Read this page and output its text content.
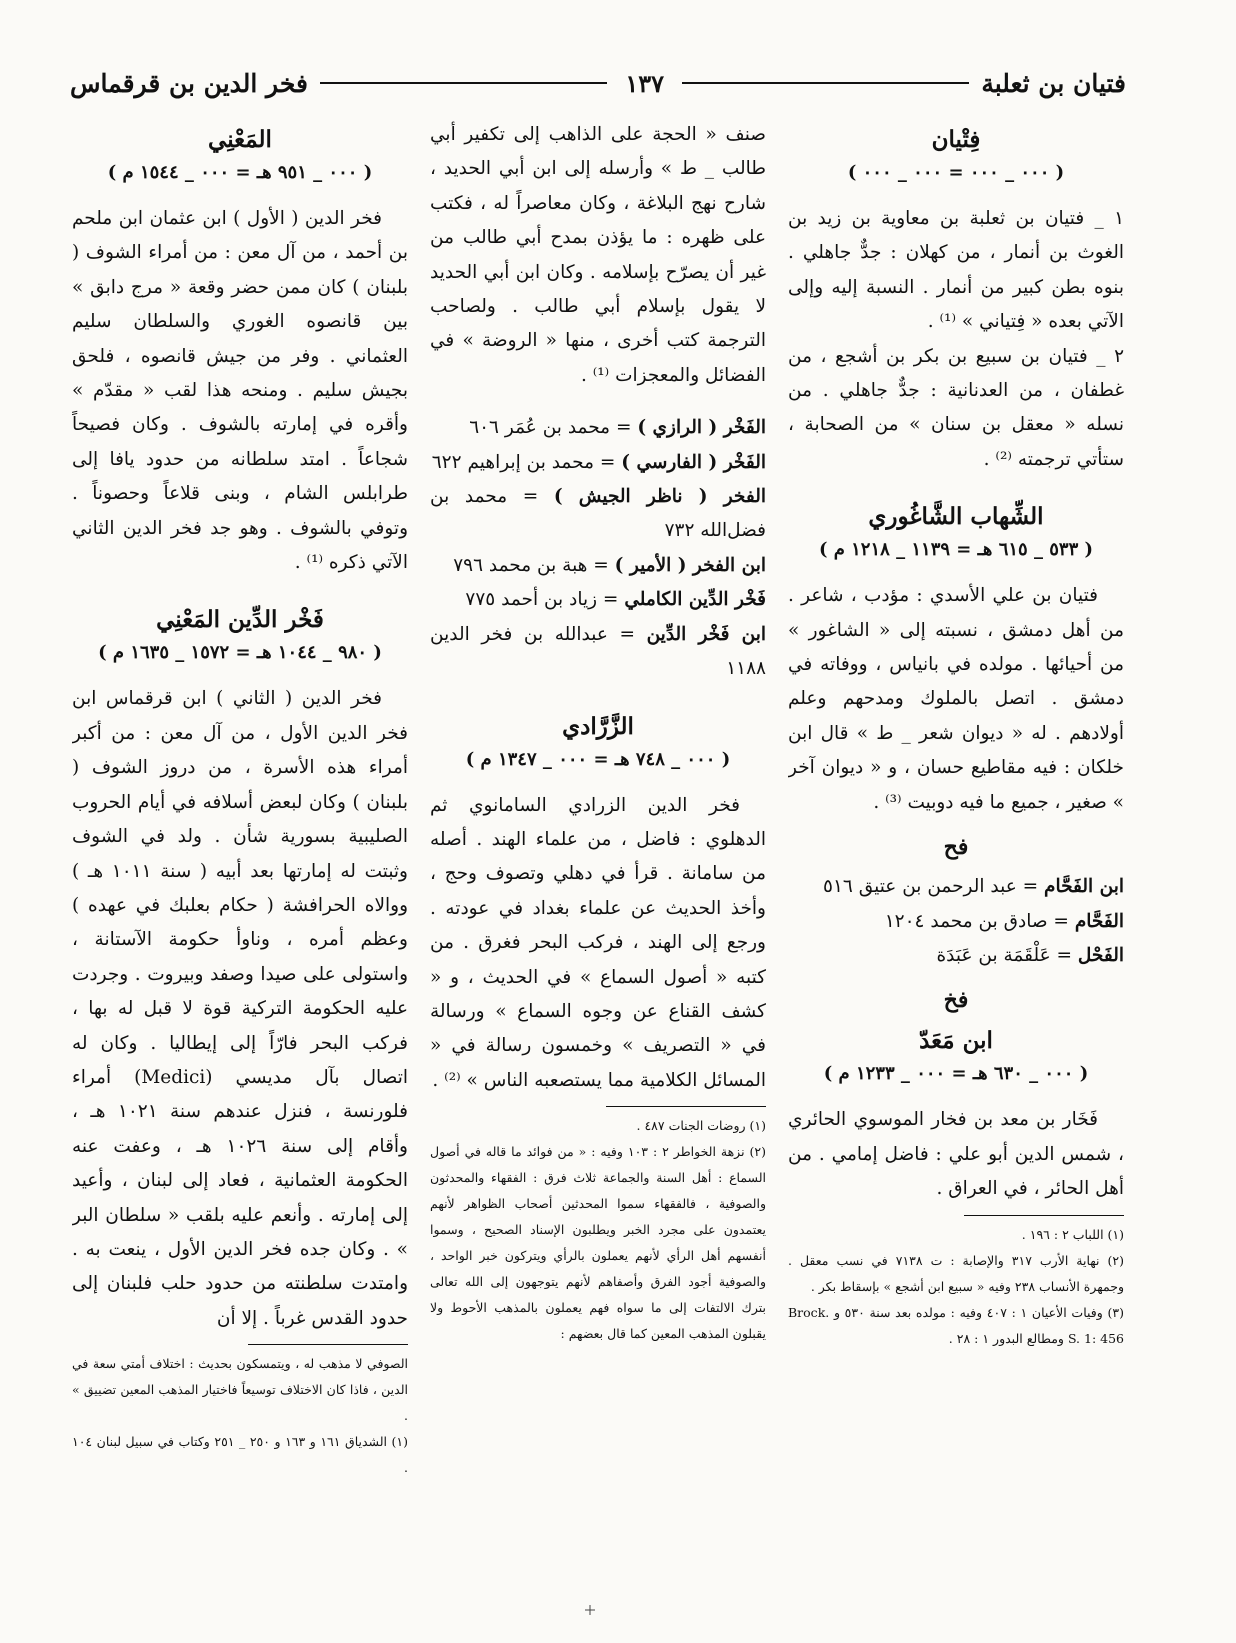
فتيان بن ثعلبة
١٣٧
فخر الدين بن قرقماس
فِتْيان
( ٠٠٠ _ ٠٠٠ = ٠٠٠ _ ٠٠٠ )

١ _ فتيان بن ثعلبة بن معاوية بن زيد بن الغوث بن أنمار ، من كهلان : جدٌّ جاهلي . بنوه بطن كبير من أنمار . النسبة إليه وإلى الآتي بعده « فِتياني » ⁽¹⁾ .

٢ _ فتيان بن سبيع بن بكر بن أشجع ، من غطفان ، من العدنانية : جدٌّ جاهلي . من نسله « معقل بن سنان » من الصحابة ، ستأتي ترجمته ⁽²⁾ .

الشِّهاب الشَّاغُوري
( ٥٣٣ _ ٦١٥ هـ = ١١٣٩ _ ١٢١٨ م )

فتيان بن علي الأسدي : مؤدب ، شاعر . من أهل دمشق ، نسبته إلى « الشاغور » من أحيائها . مولده في بانياس ، ووفاته في دمشق . اتصل بالملوك ومدحهم وعلم أولادهم . له « ديوان شعر _ ط » قال ابن خلكان : فيه مقاطيع حسان ، و « ديوان آخر » صغير ، جميع ما فيه دوبيت ⁽³⁾ .

فح

ابن الفَحَّام = عبد الرحمن بن عتيق ٥١٦

الفَحَّام = صادق بن محمد ١٢٠٤

الفَحْل = عَلْقَمَة بن عَبَدَة

فخ
ابن مَعَدّ
( ٠٠٠ _ ٦٣٠ هـ = ٠٠٠ _ ١٢٣٣ م )

فَخَار بن معد بن فخار الموسوي الحائري ، شمس الدين أبو علي : فاضل إمامي . من أهل الحائر ، في العراق .

(١) اللباب ٢ : ١٩٦ .

(٢) نهاية الأرب ٣١٧ والإصابة : ت ٧١٣٨ في نسب معقل . وجمهرة الأنساب ٢٣٨ وفيه « سبيع ابن أشجع » بإسقاط بكر .

(٣) وفيات الأعيان ١ : ٤٠٧ وفيه : مولده بعد سنة ٥٣٠ و Brock. S. 1: 456 ومطالع البدور ١ : ٢٨ .

صنف « الحجة على الذاهب إلى تكفير أبي طالب _ ط » وأرسله إلى ابن أبي الحديد ، شارح نهج البلاغة ، وكان معاصراً له ، فكتب على ظهره : ما يؤذن بمدح أبي طالب من غير أن يصرّح بإسلامه . وكان ابن أبي الحديد لا يقول بإسلام أبي طالب . ولصاحب الترجمة كتب أخرى ، منها « الروضة » في الفضائل والمعجزات ⁽¹⁾ .

الفَخْر ( الرازي ) = محمد بن عُمَر ٦٠٦

الفَخْر ( الفارسي ) = محمد بن إبراهيم ٦٢٢

الفخر ( ناظر الجيش ) = محمد بن فضل‌الله ٧٣٢

ابن الفخر ( الأمير ) = هبة بن محمد ٧٩٦

فَخْر الدِّين الكاملي = زياد بن أحمد ٧٧٥

ابن فَخْر الدِّين = عبدالله بن فخر الدين ١١٨٨

الزَّرَّادي
( ٠٠٠ _ ٧٤٨ هـ = ٠٠٠ _ ١٣٤٧ م )

فخر الدين الزرادي السامانوي ثم الدهلوي : فاضل ، من علماء الهند . أصله من سامانة . قرأ في دهلي وتصوف وحج ، وأخذ الحديث عن علماء بغداد في عودته . ورجع إلى الهند ، فركب البحر فغرق . من كتبه « أصول السماع » في الحديث ، و « كشف القناع عن وجوه السماع » ورسالة في « التصريف » وخمسون رسالة في « المسائل الكلامية مما يستصعبه الناس » ⁽²⁾ .

(١) روضات الجنات ٤٨٧ .

(٢) نزهة الخواطر ٢ : ١٠٣ وفيه : « من فوائد ما قاله في أصول السماع : أهل السنة والجماعة ثلاث فرق : الفقهاء والمحدثون والصوفية ، فالفقهاء سموا المحدثين أصحاب الظواهر لأنهم يعتمدون على مجرد الخبر ويطلبون الإسناد الصحيح ، وسموا أنفسهم أهل الرأي لأنهم يعملون بالرأي ويتركون خبر الواحد ، والصوفية أجود الفرق وأصفاهم لأنهم يتوجهون إلى الله تعالى بترك الالتفات إلى ما سواه فهم يعملون بالمذهب الأحوط ولا يقبلون المذهب المعين كما قال بعضهم :

المَعْنِي
( ٠٠٠ _ ٩٥١ هـ = ٠٠٠ _ ١٥٤٤ م )

فخر الدين ( الأول ) ابن عثمان ابن ملحم بن أحمد ، من آل معن : من أمراء الشوف ( بلبنان ) كان ممن حضر وقعة « مرج دابق » بين قانصوه الغوري والسلطان سليم العثماني . وفر من جيش قانصوه ، فلحق بجيش سليم . ومنحه هذا لقب « مقدّم » وأقره في إمارته بالشوف . وكان فصيحاً شجاعاً . امتد سلطانه من حدود يافا إلى طرابلس الشام ، وبنى قلاعاً وحصوناً . وتوفي بالشوف . وهو جد فخر الدين الثاني الآتي ذكره ⁽¹⁾ .

فَخْر الدِّين المَعْنِي
( ٩٨٠ _ ١٠٤٤ هـ = ١٥٧٢ _ ١٦٣٥ م )

فخر الدين ( الثاني ) ابن قرقماس ابن فخر الدين الأول ، من آل معن : من أكبر أمراء هذه الأسرة ، من دروز الشوف ( بلبنان ) وكان لبعض أسلافه في أيام الحروب الصليبية بسورية شأن . ولد في الشوف وثبتت له إمارتها بعد أبيه ( سنة ١٠١١ هـ ) ووالاه الحرافشة ( حكام بعلبك في عهده ) وعظم أمره ، وناوأ حكومة الآستانة ، واستولى على صيدا وصفد وبيروت . وجردت عليه الحكومة التركية قوة لا قبل له بها ، فركب البحر فارّاً إلى إيطاليا . وكان له اتصال بآل مديسي (Medici) أمراء فلورنسة ، فنزل عندهم سنة ١٠٢١ هـ ، وأقام إلى سنة ١٠٢٦ هـ ، وعفت عنه الحكومة العثمانية ، فعاد إلى لبنان ، وأعيد إلى إمارته . وأنعم عليه بلقب « سلطان البر » . وكان جده فخر الدين الأول ، ينعت به . وامتدت سلطنته من حدود حلب فلبنان إلى حدود القدس غرباً . إلا أن

الصوفي لا مذهب له ، ويتمسكون بحديث : اختلاف أمتي سعة في الدين ، فاذا كان الاختلاف توسيعاً فاختيار المذهب المعين تضييق » .

(١) الشدياق ١٦١ و ١٦٣ و ٢٥٠ _ ٢٥١ وكتاب في سبيل لبنان ١٠٤ .
